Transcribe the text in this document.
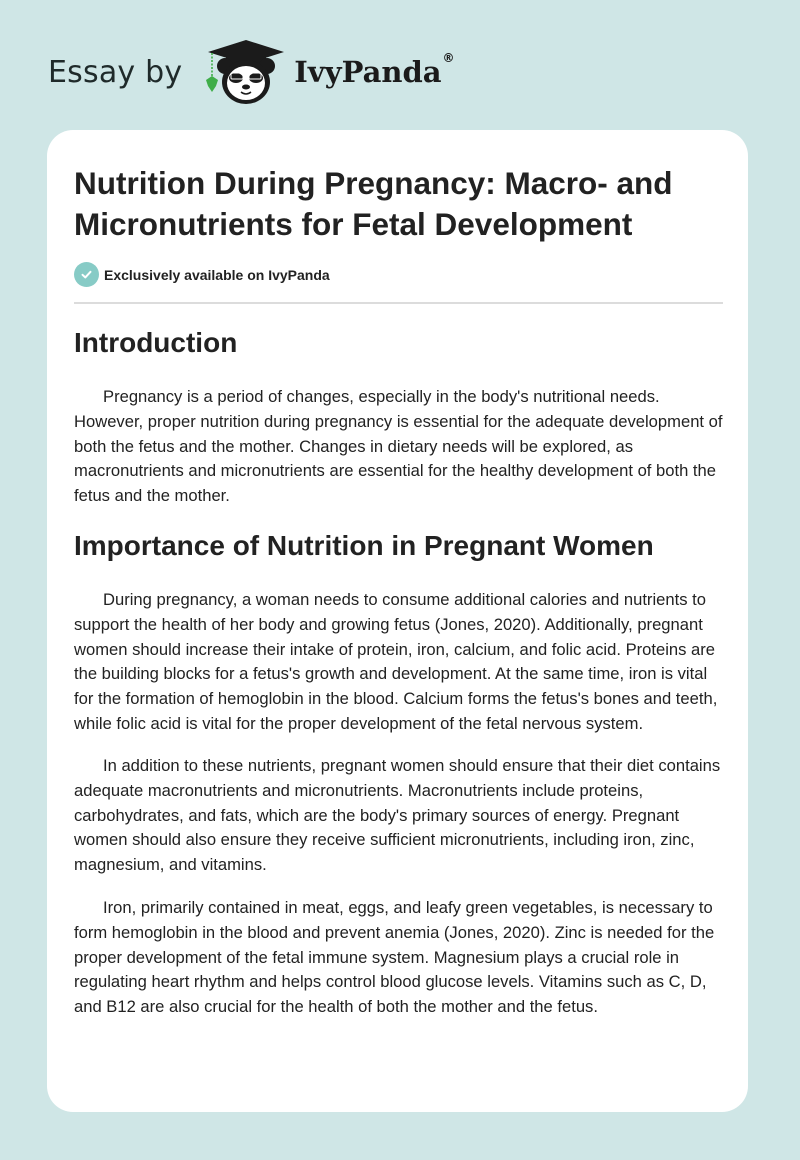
Essay by	IvyPanda®
Nutrition During Pregnancy: Macro- and Micronutrients for Fetal Development
Exclusively available on IvyPanda
Introduction

Pregnancy is a period of changes, especially in the body's nutritional needs. However, proper nutrition during pregnancy is essential for the adequate development of both the fetus and the mother. Changes in dietary needs will be explored, as macronutrients and micronutrients are essential for the healthy development of both the fetus and the mother.

Importance of Nutrition in Pregnant Women

During pregnancy, a woman needs to consume additional calories and nutrients to support the health of her body and growing fetus (Jones, 2020). Additionally, pregnant women should increase their intake of protein, iron, calcium, and folic acid. Proteins are the building blocks for a fetus's growth and development. At the same time, iron is vital for the formation of hemoglobin in the blood. Calcium forms the fetus's bones and teeth, while folic acid is vital for the proper development of the fetal nervous system.

In addition to these nutrients, pregnant women should ensure that their diet contains adequate macronutrients and micronutrients. Macronutrients include proteins, carbohydrates, and fats, which are the body's primary sources of energy. Pregnant women should also ensure they receive sufficient micronutrients, including iron, zinc, magnesium, and vitamins.

Iron, primarily contained in meat, eggs, and leafy green vegetables, is necessary to form hemoglobin in the blood and prevent anemia (Jones, 2020). Zinc is needed for the proper development of the fetal immune system. Magnesium plays a crucial role in regulating heart rhythm and helps control blood glucose levels. Vitamins such as C, D, and B12 are also crucial for the health of both the mother and the fetus.
